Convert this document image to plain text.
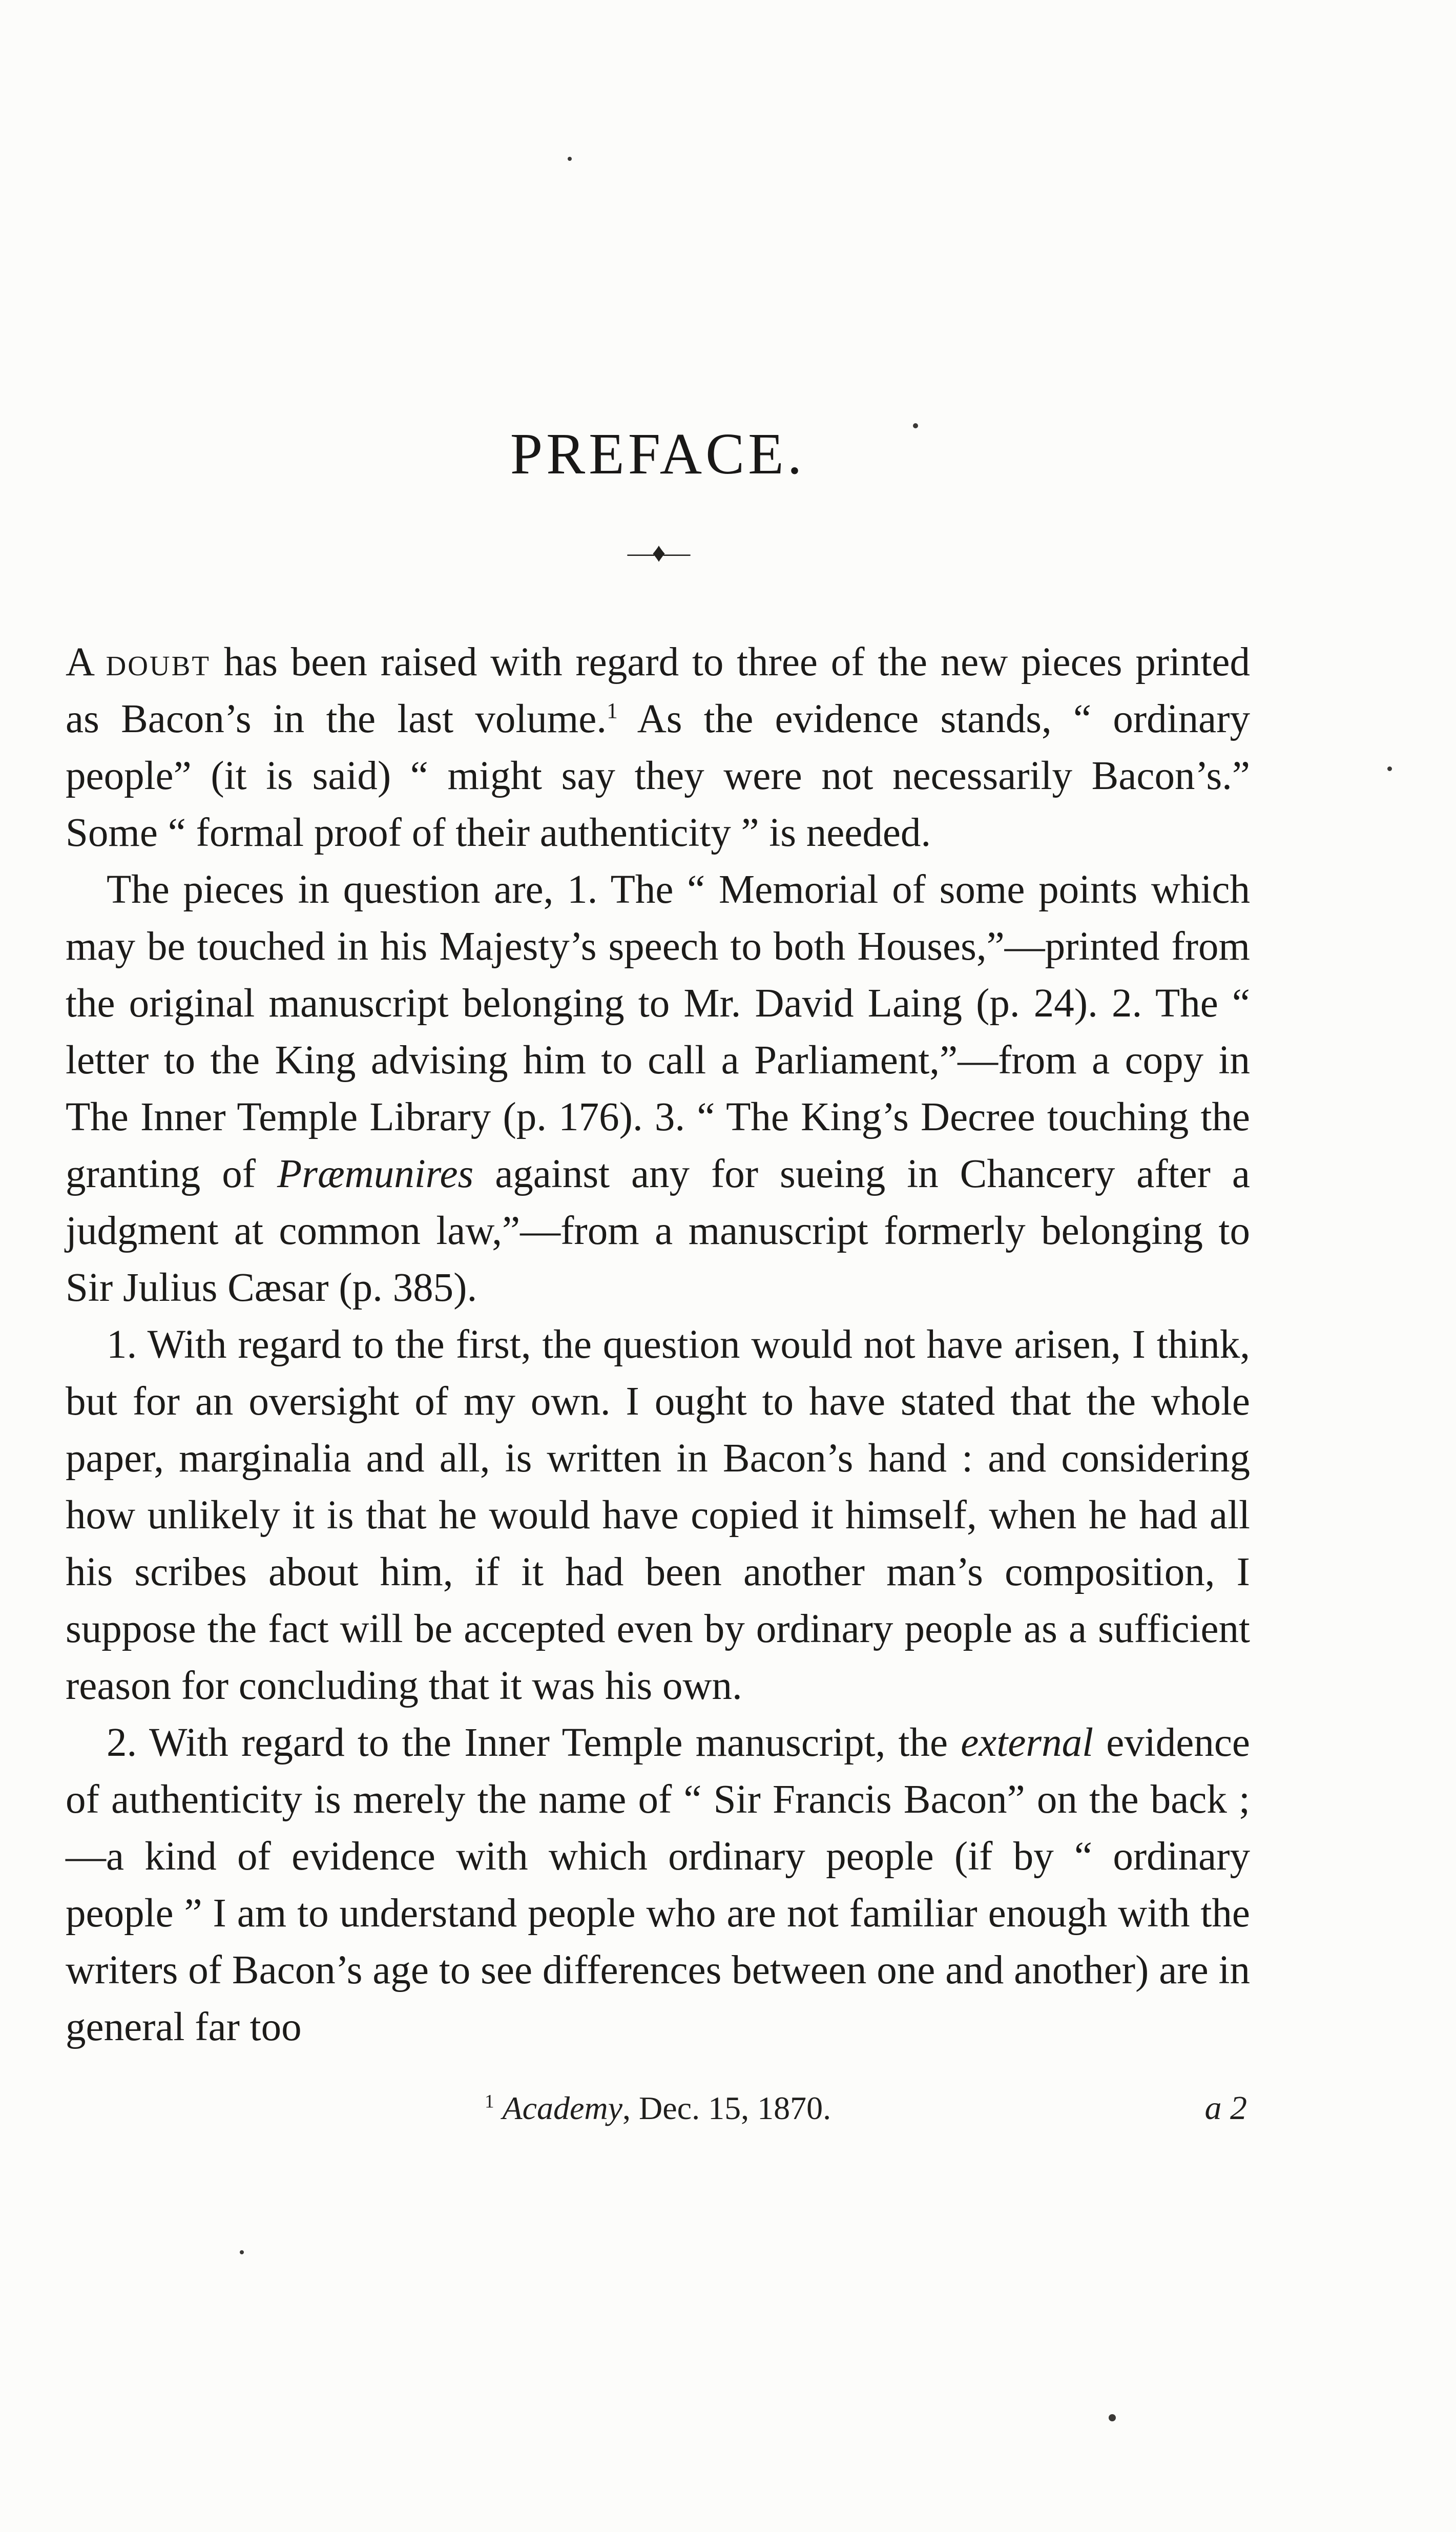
PREFACE.
—♦—

A doubt has been raised with regard to three of the new pieces printed as Bacon’s in the last volume.$^1$ As the evidence stands, “ ordinary people” (it is said) “ might say they were not necessarily Bacon’s.” Some “ formal proof of their authenticity ” is needed.

The pieces in question are, 1. The “ Memorial of some points which may be touched in his Majesty’s speech to both Houses,”—printed from the original manuscript belonging to Mr. David Laing (p. 24). 2. The “ letter to the King advising him to call a Parliament,”—from a copy in The Inner Temple Library (p. 176). 3. “ The King’s Decree touching the granting of Præmunires against any for sueing in Chancery after a judgment at common law,”—from a manuscript formerly belonging to Sir Julius Cæsar (p. 385).

1. With regard to the first, the question would not have arisen, I think, but for an oversight of my own. I ought to have stated that the whole paper, marginalia and all, is written in Bacon’s hand : and considering how unlikely it is that he would have copied it himself, when he had all his scribes about him, if it had been another man’s composition, I suppose the fact will be accepted even by ordinary people as a sufficient reason for concluding that it was his own.

2. With regard to the Inner Temple manuscript, the external evidence of authenticity is merely the name of “ Sir Francis Bacon” on the back ;—a kind of evidence with which ordinary people (if by “ ordinary people ” I am to understand people who are not familiar enough with the writers of Bacon’s age to see differences between one and another) are in general far too

$^1$ Academy, Dec. 15, 1870.	a 2
